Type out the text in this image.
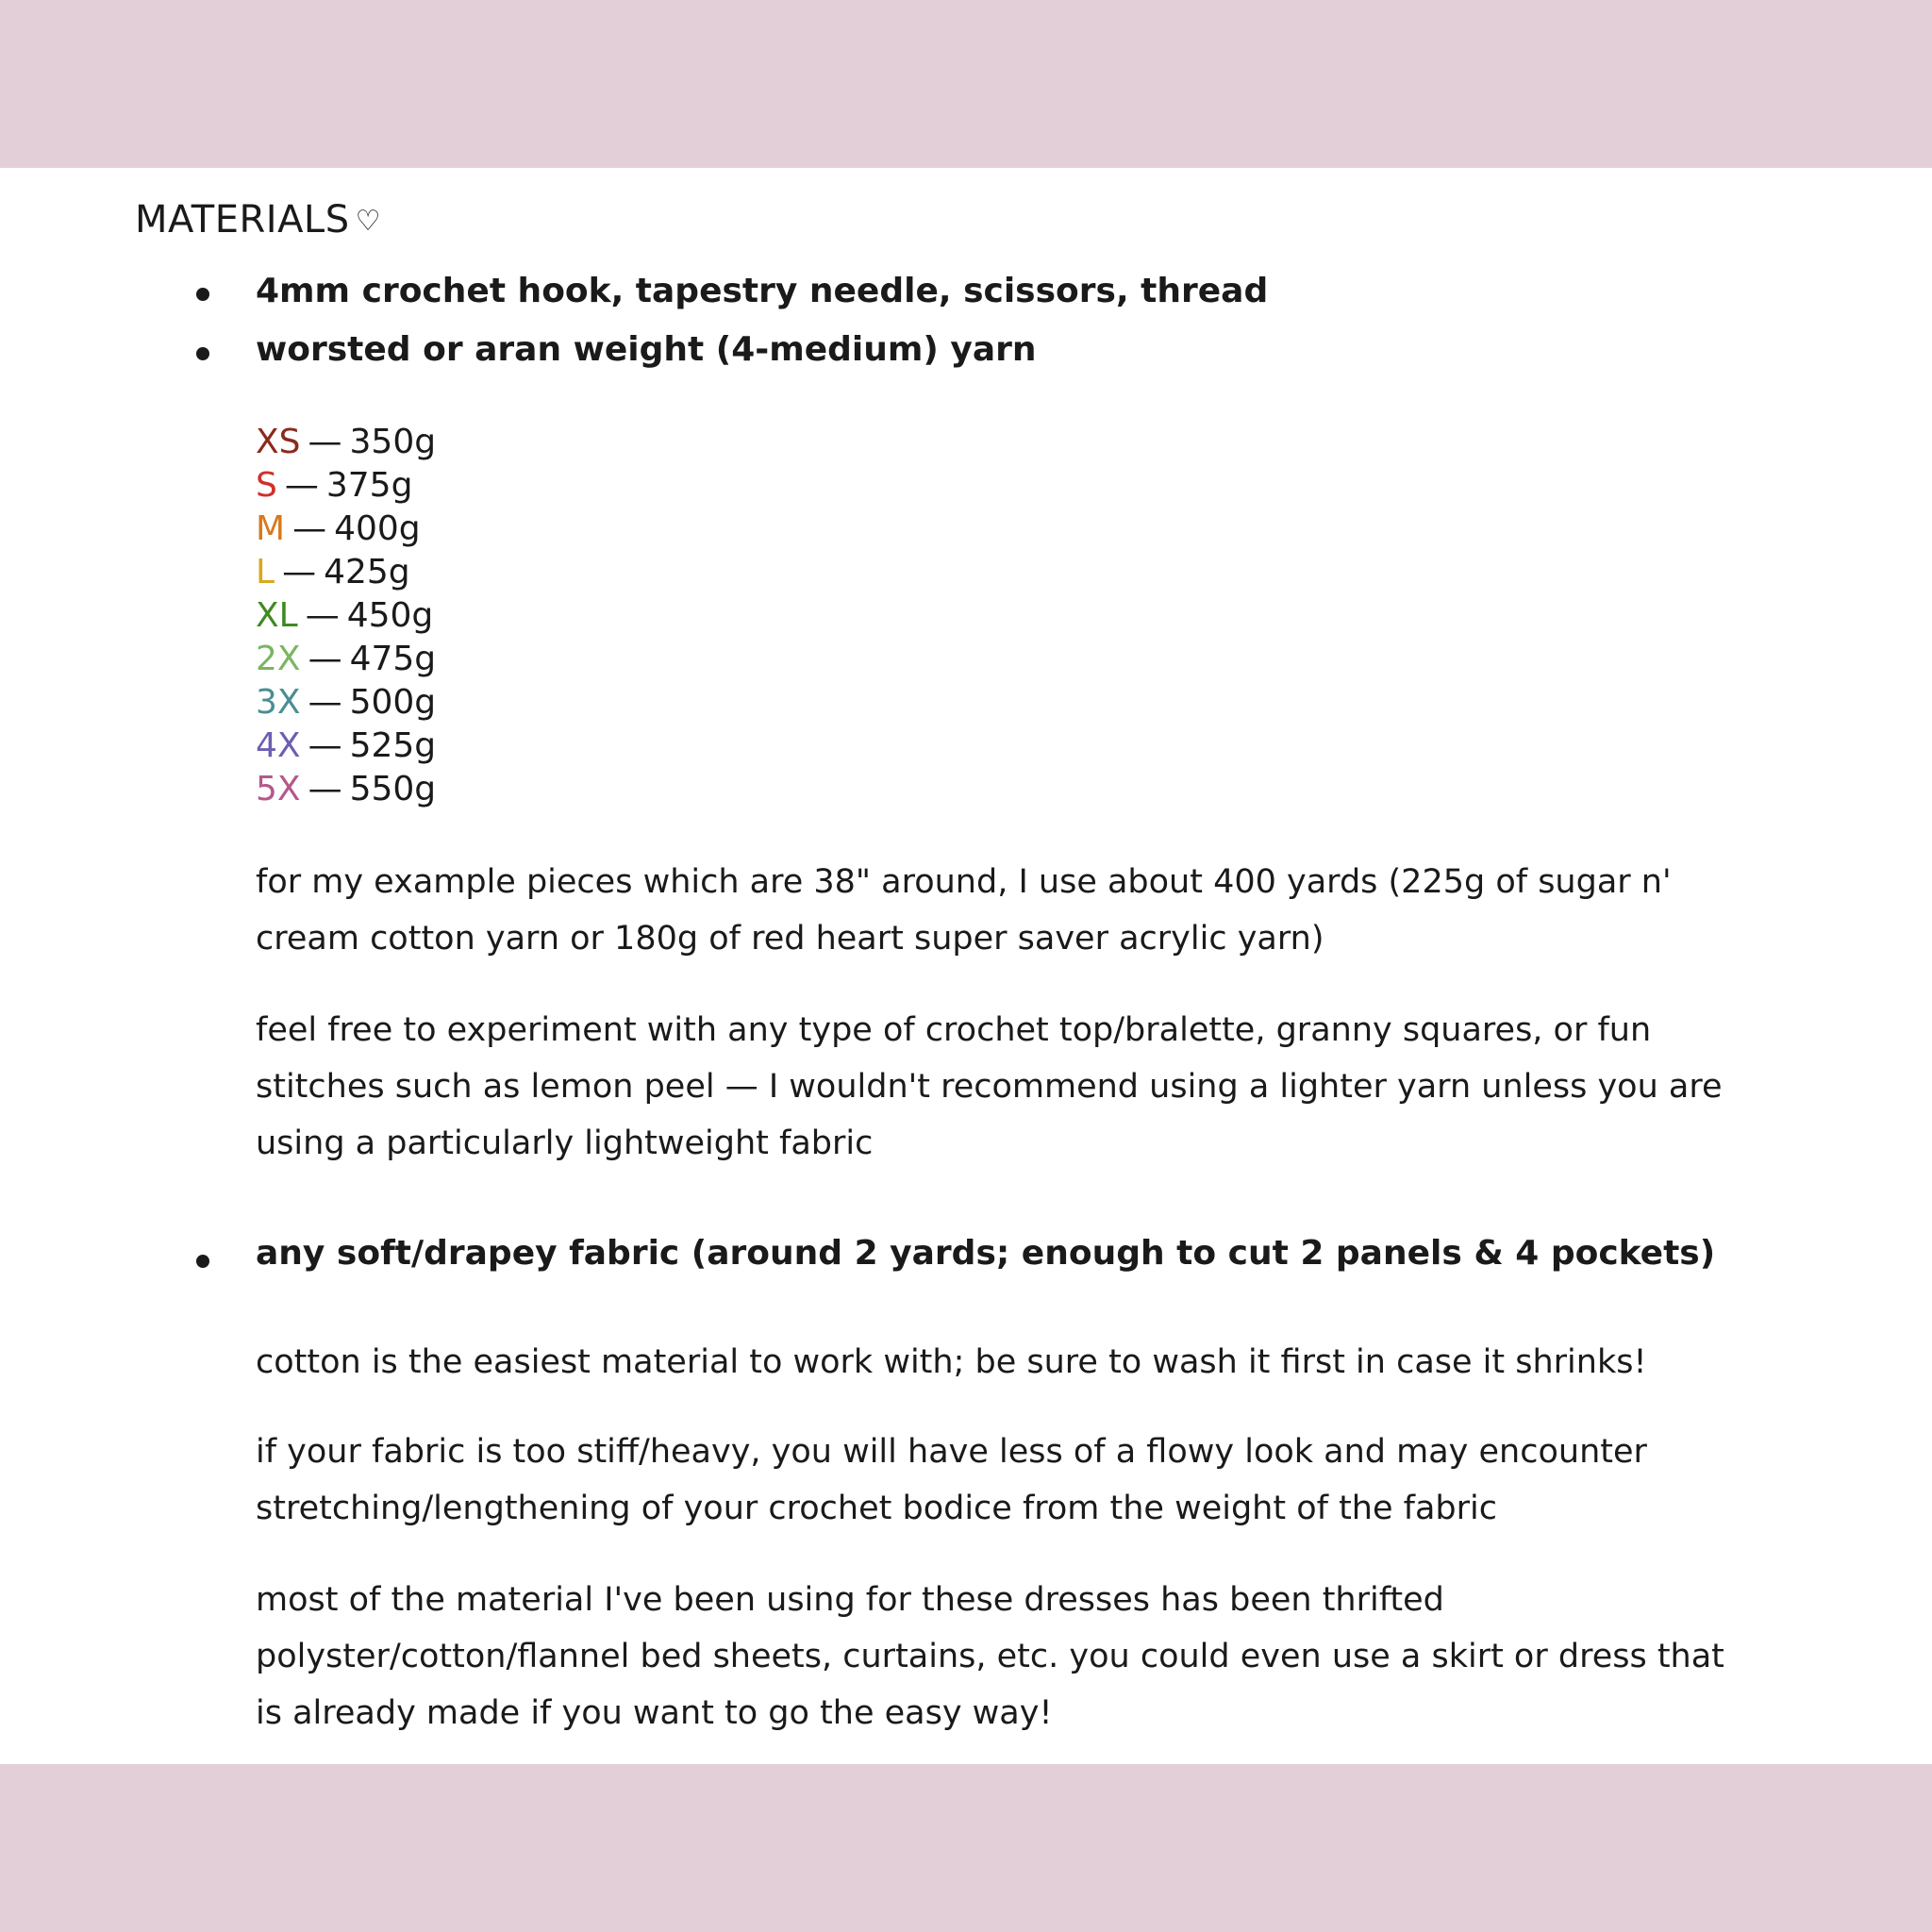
MATERIALS ♡
4mm crochet hook, tapestry needle, scissors, thread
worsted or aran weight (4-medium) yarn
XS — 350g
S — 375g
M — 400g
L — 425g
XL — 450g
2X — 475g
3X — 500g
4X — 525g
5X — 550g
for my example pieces which are 38" around, I use about 400 yards (225g of sugar n' cream cotton yarn or 180g of red heart super saver acrylic yarn)
feel free to experiment with any type of crochet top/bralette, granny squares, or fun stitches such as lemon peel — I wouldn't recommend using a lighter yarn unless you are using a particularly lightweight fabric
any soft/drapey fabric (around 2 yards; enough to cut 2 panels & 4 pockets)
cotton is the easiest material to work with; be sure to wash it first in case it shrinks!
if your fabric is too stiff/heavy, you will have less of a flowy look and may encounter stretching/lengthening of your crochet bodice from the weight of the fabric
most of the material I've been using for these dresses has been thrifted polyster/cotton/flannel bed sheets, curtains, etc. you could even use a skirt or dress that is already made if you want to go the easy way!
